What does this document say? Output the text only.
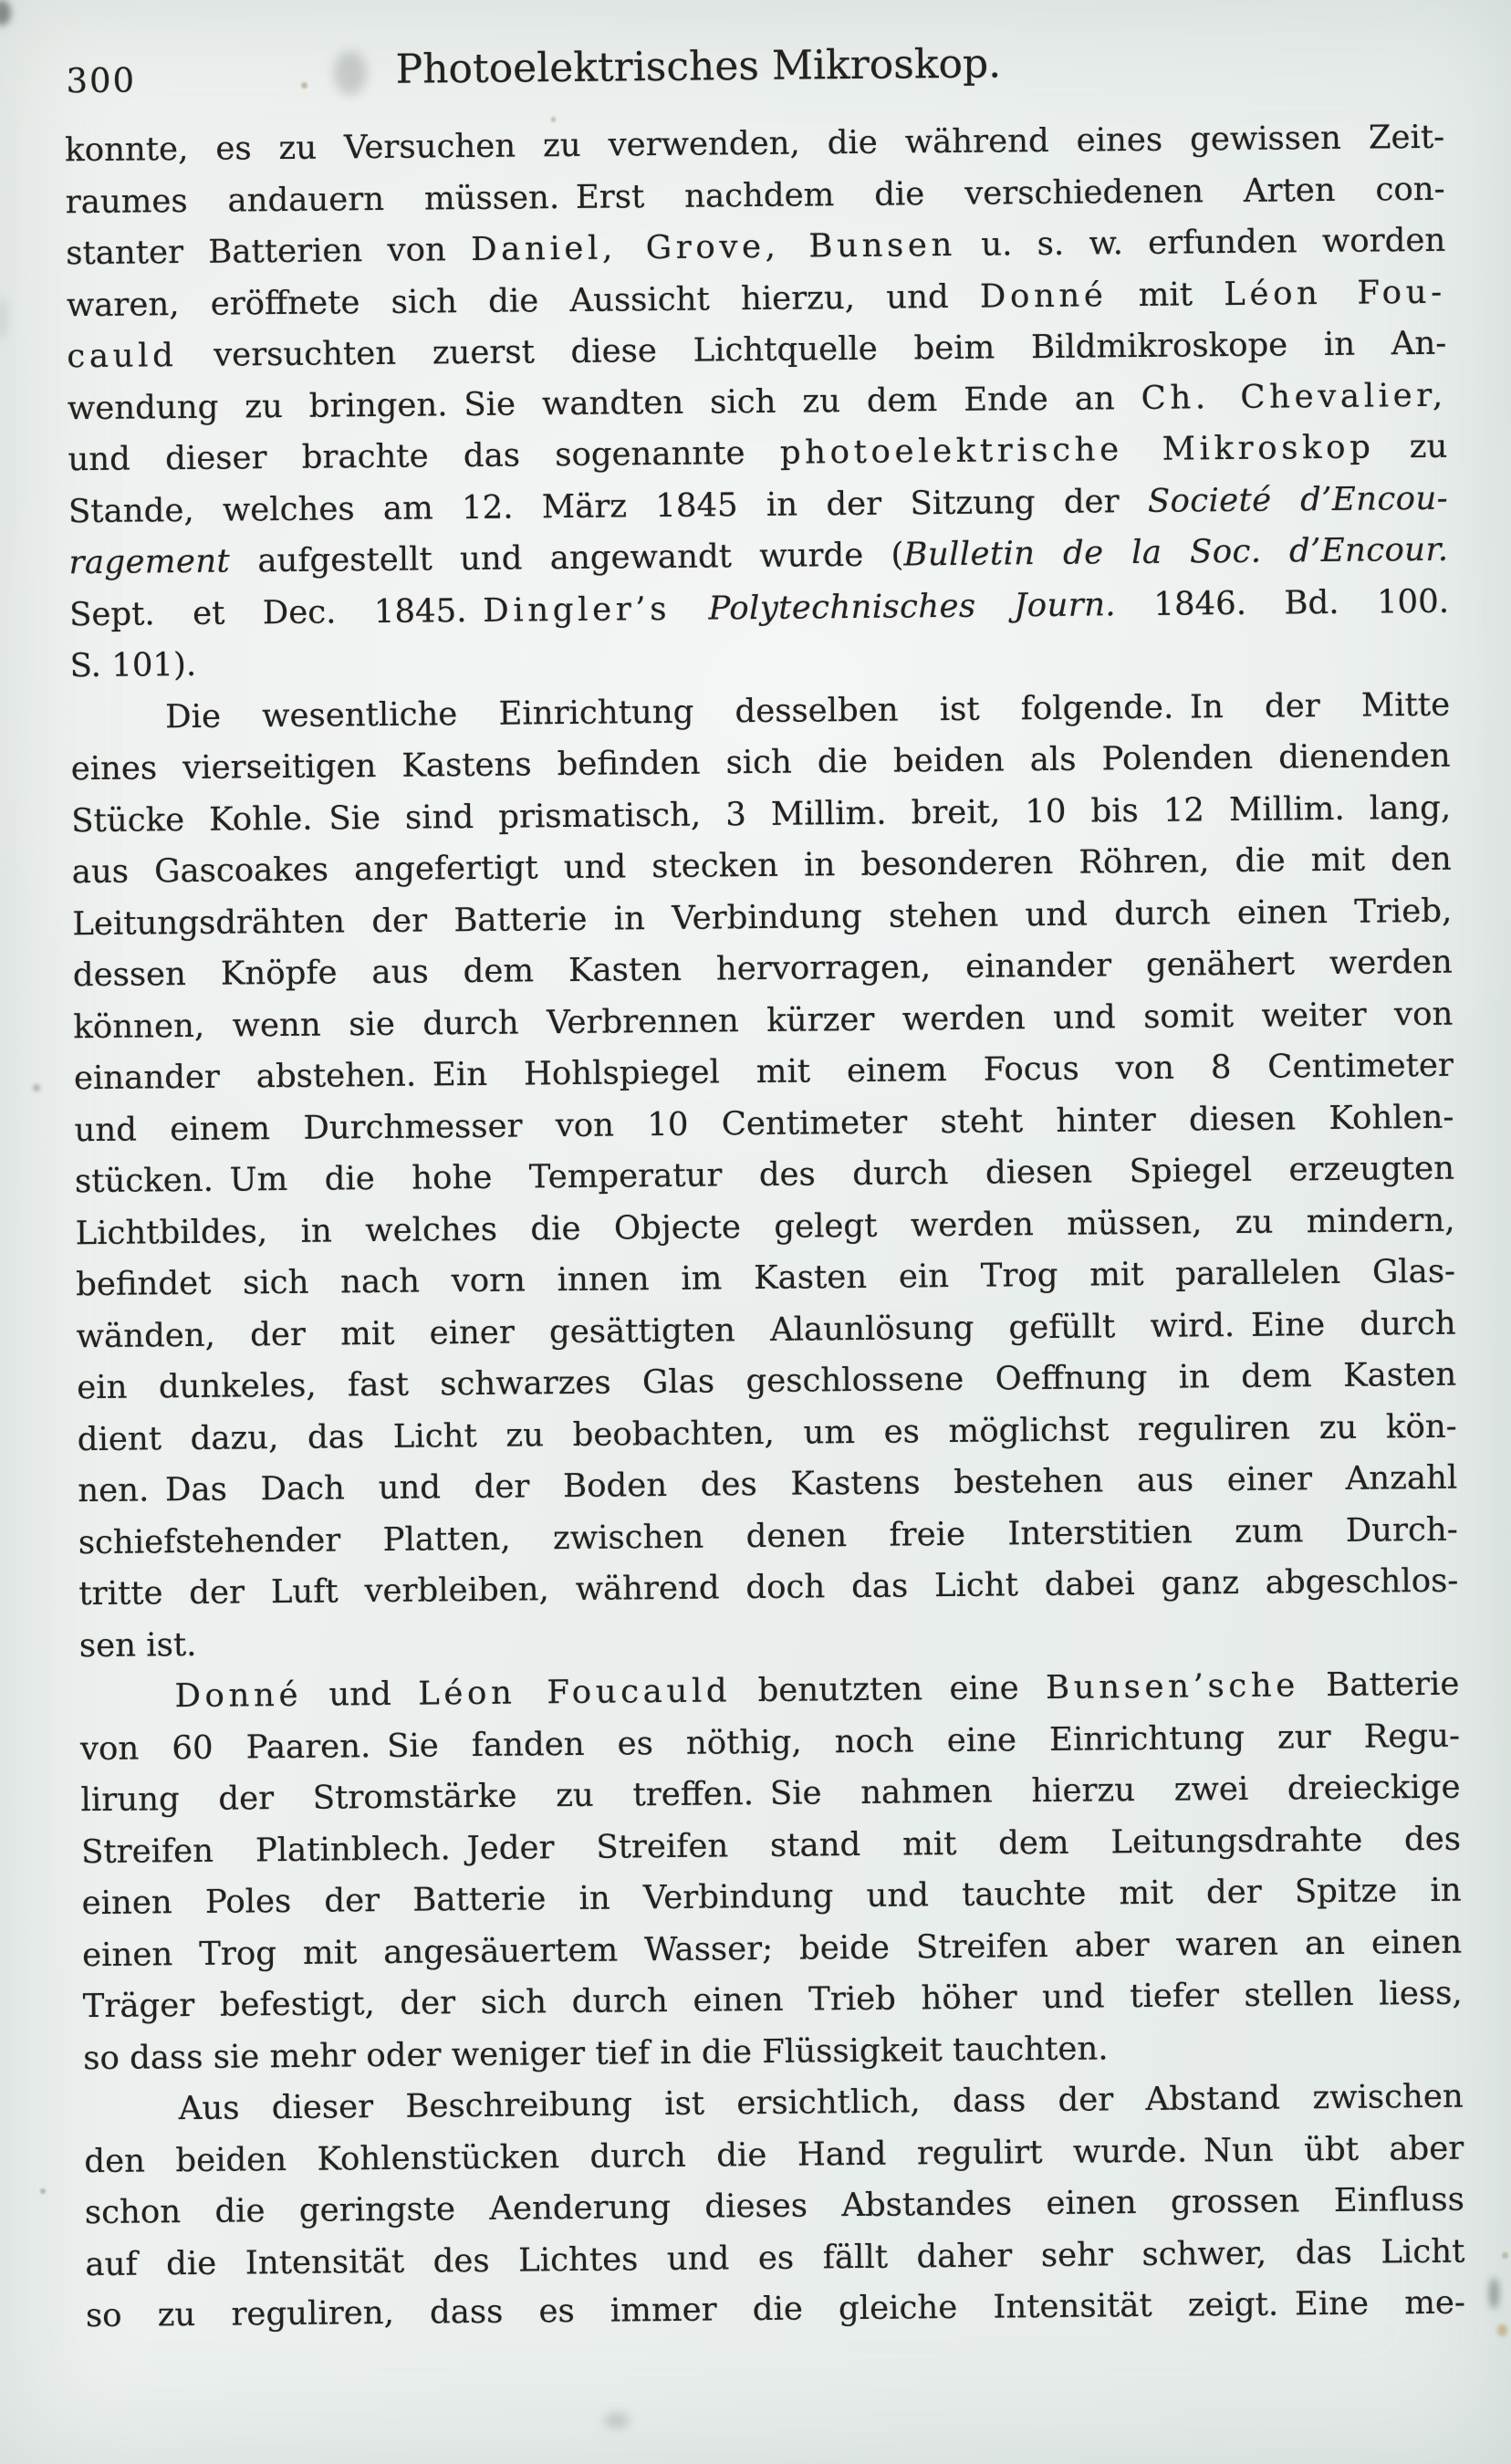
300	Photoelektrisches Mikroskop.
konnte, es zu Versuchen zu verwenden, die während eines gewissen Zeit-
raumes andauern müssen. Erst nachdem die verschiedenen Arten con-
stanter Batterien von Daniel, Grove, Bunsen u. s. w. erfunden worden
waren, eröffnete sich die Aussicht hierzu, und Donné mit Léon Fou-
cauld versuchten zuerst diese Lichtquelle beim Bildmikroskope in An-
wendung zu bringen. Sie wandten sich zu dem Ende an Ch. Chevalier,
und dieser brachte das sogenannte photoelektrische Mikroskop zu
Stande, welches am 12. März 1845 in der Sitzung der Societé d’Encou-
ragement aufgestellt und angewandt wurde (Bulletin de la Soc. d’Encour.
Sept. et Dec. 1845. Dingler’s Polytechnisches Journ. 1846. Bd. 100.
S. 101).
Die wesentliche Einrichtung desselben ist folgende. In der Mitte
eines vierseitigen Kastens befinden sich die beiden als Polenden dienenden
Stücke Kohle. Sie sind prismatisch, 3 Millim. breit, 10 bis 12 Millim. lang,
aus Gascoakes angefertigt und stecken in besonderen Röhren, die mit den
Leitungsdrähten der Batterie in Verbindung stehen und durch einen Trieb,
dessen Knöpfe aus dem Kasten hervorragen, einander genähert werden
können, wenn sie durch Verbrennen kürzer werden und somit weiter von
einander abstehen. Ein Hohlspiegel mit einem Focus von 8 Centimeter
und einem Durchmesser von 10 Centimeter steht hinter diesen Kohlen-
stücken. Um die hohe Temperatur des durch diesen Spiegel erzeugten
Lichtbildes, in welches die Objecte gelegt werden müssen, zu mindern,
befindet sich nach vorn innen im Kasten ein Trog mit parallelen Glas-
wänden, der mit einer gesättigten Alaunlösung gefüllt wird. Eine durch
ein dunkeles, fast schwarzes Glas geschlossene Oeffnung in dem Kasten
dient dazu, das Licht zu beobachten, um es möglichst reguliren zu kön-
nen. Das Dach und der Boden des Kastens bestehen aus einer Anzahl
schiefstehender Platten, zwischen denen freie Interstitien zum Durch-
tritte der Luft verbleiben, während doch das Licht dabei ganz abgeschlos-
sen ist.
Donné und Léon Foucauld benutzten eine Bunsen’sche Batterie
von 60 Paaren. Sie fanden es nöthig, noch eine Einrichtung zur Regu-
lirung der Stromstärke zu treffen. Sie nahmen hierzu zwei dreieckige
Streifen Platinblech. Jeder Streifen stand mit dem Leitungsdrahte des
einen Poles der Batterie in Verbindung und tauchte mit der Spitze in
einen Trog mit angesäuertem Wasser; beide Streifen aber waren an einen
Träger befestigt, der sich durch einen Trieb höher und tiefer stellen liess,
so dass sie mehr oder weniger tief in die Flüssigkeit tauchten.
Aus dieser Beschreibung ist ersichtlich, dass der Abstand zwischen
den beiden Kohlenstücken durch die Hand regulirt wurde. Nun übt aber
schon die geringste Aenderung dieses Abstandes einen grossen Einfluss
auf die Intensität des Lichtes und es fällt daher sehr schwer, das Licht
so zu reguliren, dass es immer die gleiche Intensität zeigt. Eine me-
